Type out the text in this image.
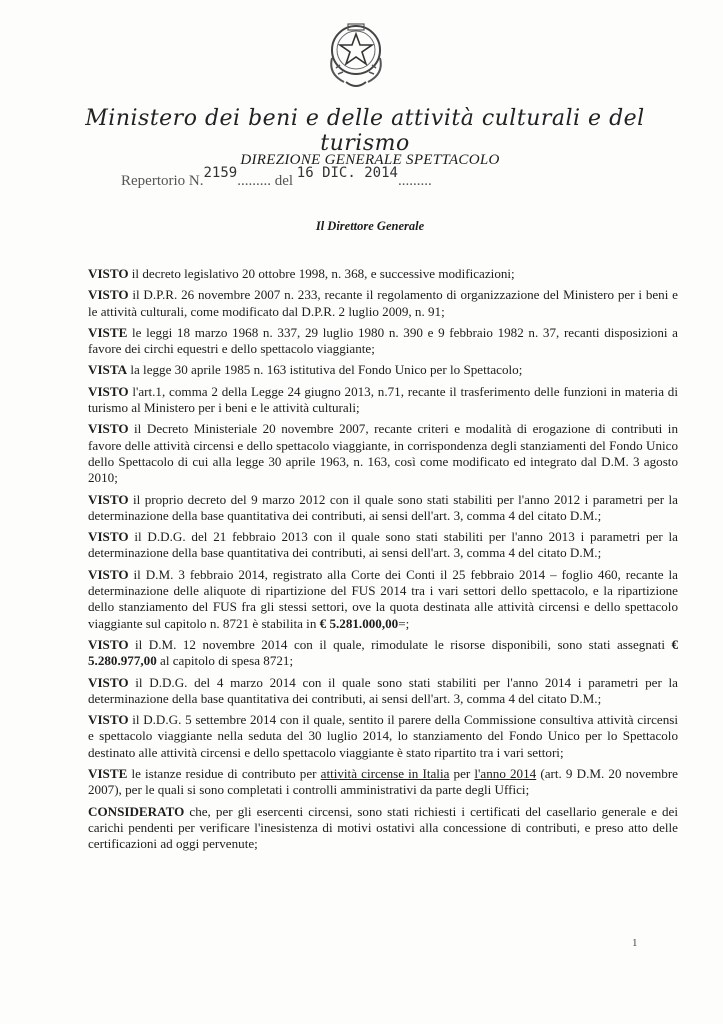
Ministero dei beni e delle attività culturali e del turismo
DIREZIONE GENERALE SPETTACOLO
Repertorio N.2159......... del 16 DIC. 2014.........
Il Direttore Generale

VISTO il decreto legislativo 20 ottobre 1998, n. 368, e successive modificazioni;

VISTO il D.P.R. 26 novembre 2007 n. 233, recante il regolamento di organizzazione del Ministero per i beni e le attività culturali, come modificato dal D.P.R. 2 luglio 2009, n. 91;

VISTE le leggi 18 marzo 1968 n. 337, 29 luglio 1980 n. 390 e 9 febbraio 1982 n. 37, recanti disposizioni a favore dei circhi equestri e dello spettacolo viaggiante;

VISTA la legge 30 aprile 1985 n. 163 istitutiva del Fondo Unico per lo Spettacolo;

VISTO l'art.1, comma 2 della Legge 24 giugno 2013, n.71, recante il trasferimento delle funzioni in materia di turismo al Ministero per i beni e le attività culturali;

VISTO il Decreto Ministeriale 20 novembre 2007, recante criteri e modalità di erogazione di contributi in favore delle attività circensi e dello spettacolo viaggiante, in corrispondenza degli stanziamenti del Fondo Unico dello Spettacolo di cui alla legge 30 aprile 1963, n. 163, così come modificato ed integrato dal D.M. 3 agosto 2010;

VISTO il proprio decreto del 9 marzo 2012 con il quale sono stati stabiliti per l'anno 2012 i parametri per la determinazione della base quantitativa dei contributi, ai sensi dell'art. 3, comma 4 del citato D.M.;

VISTO il D.D.G. del 21 febbraio 2013 con il quale sono stati stabiliti per l'anno 2013 i parametri per la determinazione della base quantitativa dei contributi, ai sensi dell'art. 3, comma 4 del citato D.M.;

VISTO il D.M. 3 febbraio 2014, registrato alla Corte dei Conti il 25 febbraio 2014 – foglio 460, recante la determinazione delle aliquote di ripartizione del FUS 2014 tra i vari settori dello spettacolo, e la ripartizione dello stanziamento del FUS fra gli stessi settori, ove la quota destinata alle attività circensi e dello spettacolo viaggiante sul capitolo n. 8721 è stabilita in € 5.281.000,00=;

VISTO il D.M. 12 novembre 2014 con il quale, rimodulate le risorse disponibili, sono stati assegnati € 5.280.977,00 al capitolo di spesa 8721;

VISTO il D.D.G. del 4 marzo 2014 con il quale sono stati stabiliti per l'anno 2014 i parametri per la determinazione della base quantitativa dei contributi, ai sensi dell'art. 3, comma 4 del citato D.M.;

VISTO il D.D.G. 5 settembre 2014 con il quale, sentito il parere della Commissione consultiva attività circensi e spettacolo viaggiante nella seduta del 30 luglio 2014, lo stanziamento del Fondo Unico per lo Spettacolo destinato alle attività circensi e dello spettacolo viaggiante è stato ripartito tra i vari settori;

VISTE le istanze residue di contributo per attività circense in Italia per l'anno 2014 (art. 9 D.M. 20 novembre 2007), per le quali si sono completati i controlli amministrativi da parte degli Uffici;

CONSIDERATO che, per gli esercenti circensi, sono stati richiesti i certificati del casellario generale e dei carichi pendenti per verificare l'inesistenza di motivi ostativi alla concessione di contributi, e preso atto delle certificazioni ad oggi pervenute;

1
